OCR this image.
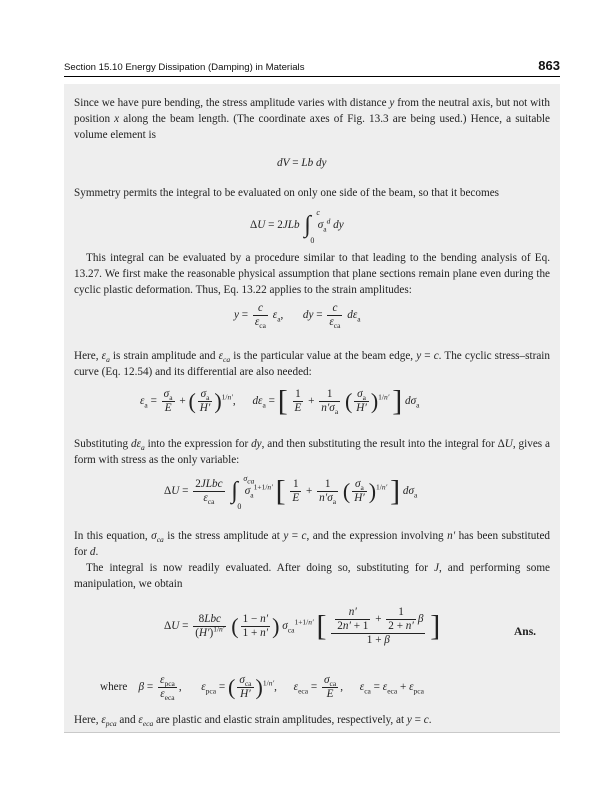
Section 15.10 Energy Dissipation (Damping) in Materials	863

Since we have pure bending, the stress amplitude varies with distance y from the neutral axis, but not with position x along the beam length. (The coordinate axes of Fig. 13.3 are being used.) Hence, a suitable volume element is

dV = Lb dy

Symmetry permits the integral to be evaluated on only one side of the beam, so that it becomes

ΔU = 2JLb ∫ c
0
$\sigma_a^d$ dy

This integral can be evaluated by a procedure similar to that leading to the bending analysis of Eq. 13.27. We first make the reasonable physical assumption that plane sections remain plane even during the cyclic plastic deformation. Thus, Eq. 13.22 applies to the strain amplitudes:

$y = \frac{c}{\varepsilon_{ca}} \varepsilon_a$,       dy = $\frac{c}{\varepsilon_{ca}} d\varepsilon_a$

Here, $\varepsilon_a$ is strain amplitude and $\varepsilon_{ca}$ is the particular value at the beam edge, y = c. The cyclic stress–strain curve (Eq. 12.54) and its differential are also needed:

$\varepsilon_a = \frac{\sigma_a}{E}$ + ( $\frac{\sigma_a}{H'} )^{1/n'}$,      $d\varepsilon_a$ = [ $\frac{1}{E} + \frac{1}{n'\sigma_a}$ ( $\frac{\sigma_a}{H'} )^{1/n'}$ ] $d\sigma_a$

Substituting $d\varepsilon_a$ into the expression for dy, and then substituting the result into the integral for ΔU, gives a form with stress as the only variable:

$\Delta U = \frac{\text{2JLbc}}{\varepsilon_{ca}}$ ∫ $\sigma_{ca}$
0
$\sigma_a^{1+1/n'}$ [ $\frac{1}{E} + \frac{1}{n'\sigma_a}$ ( $\frac{\sigma_a}{H'} )^{1/n'}$ ] $d\sigma_a$

In this equation, $\sigma_{ca}$ is the stress amplitude at y = c, and the expression involving n′ has been substituted for d.

The integral is now readily evaluated. After doing so, substituting for J, and performing some manipulation, we obtain

$\Delta U = \frac{\text{8Lbc}}{(H')^{1/n'}}$ ( $\frac{1 - n'}{1 + n'}$ ) $\sigma_{ca}^{1+1/n'}$ [ $\frac{\frac{n'}{2n' + 1} + \frac{1}{2 + n'} \beta}{1 + \beta}$ ]	Ans.
where $\beta = \frac{\varepsilon_{pca}}{\varepsilon_{eca}}$ ,       $\varepsilon_{pca}$ = ( $\frac{\sigma_{ca}}{H'} )^{1/n'}$,      $\varepsilon_{eca} = \frac{\sigma_{ca}}{E}$ ,      $\varepsilon_{ca} = \varepsilon_{eca} + \varepsilon_{pca}$

Here, $\varepsilon_{pca}$ and $\varepsilon_{eca}$ are plastic and elastic strain amplitudes, respectively, at y = c.
